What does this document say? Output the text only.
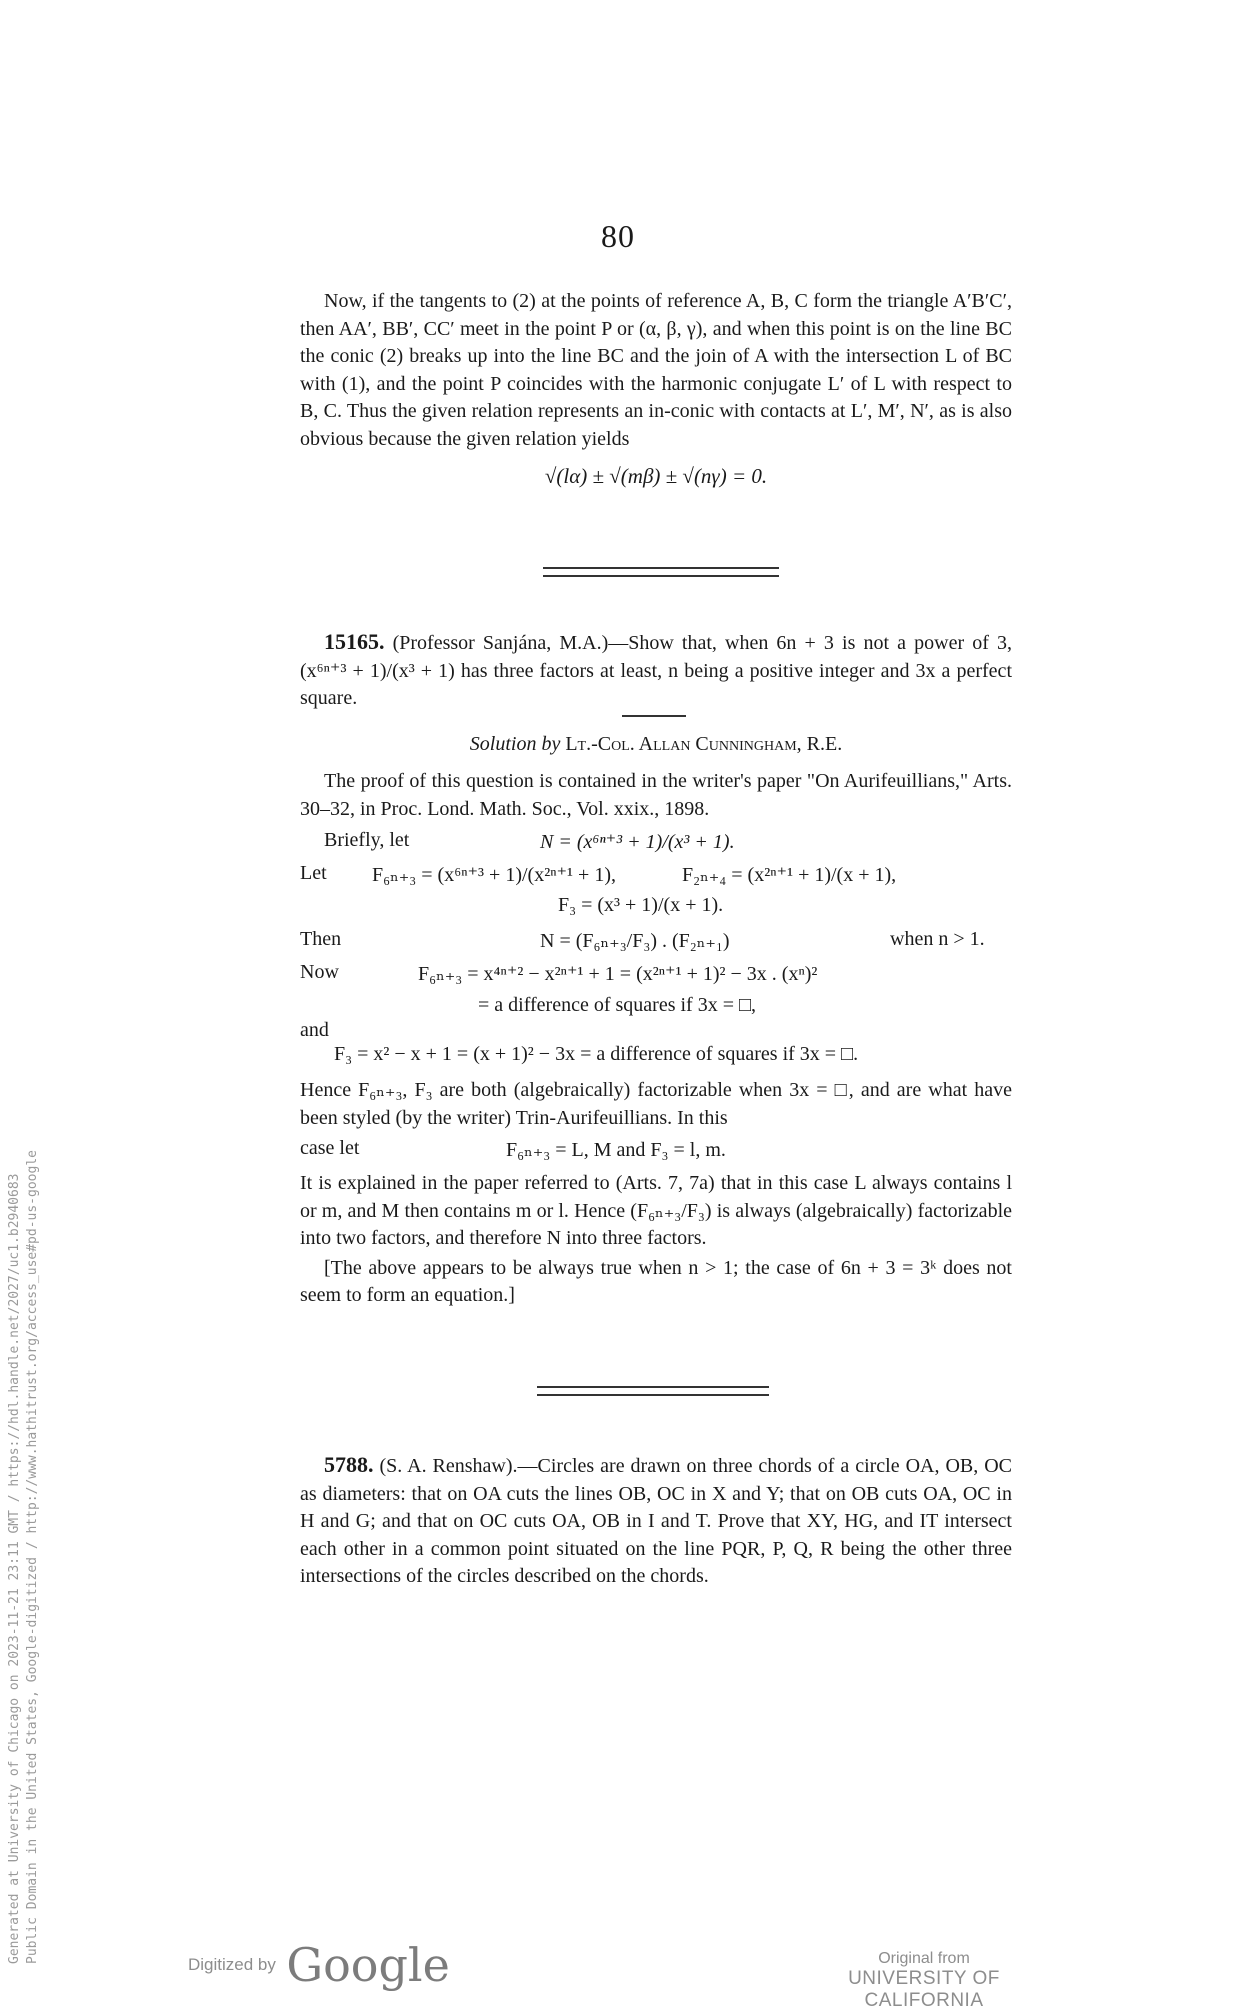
80

Now, if the tangents to (2) at the points of reference A, B, C form the triangle A′B′C′, then AA′, BB′, CC′ meet in the point P or (α, β, γ), and when this point is on the line BC the conic (2) breaks up into the line BC and the join of A with the intersection L of BC with (1), and the point P coincides with the harmonic conjugate L′ of L with respect to B, C. Thus the given relation represents an in-conic with contacts at L′, M′, N′, as is also obvious because the given relation yields

√(lα) ± √(mβ) ± √(nγ) = 0.

15165. (Professor Sanjána, M.A.)—Show that, when 6n + 3 is not a power of 3, (x⁶ⁿ⁺³ + 1)/(x³ + 1) has three factors at least, n being a positive integer and 3x a perfect square.

Solution by Lt.-Col. Allan Cunningham, R.E.

The proof of this question is contained in the writer's paper "On Aurifeuillians," Arts. 30–32, in Proc. Lond. Math. Soc., Vol. xxix., 1898.

Briefly, let	N = (x⁶ⁿ⁺³ + 1)/(x³ + 1).
Let F₆ₙ₊₃ = (x⁶ⁿ⁺³ + 1)/(x²ⁿ⁺¹ + 1),	F₂ₙ₊₄ = (x²ⁿ⁺¹ + 1)/(x + 1),
F₃ = (x³ + 1)/(x + 1).
Then	N = (F₆ₙ₊₃/F₃) . (F₂ₙ₊₁)	when n > 1.
Now	F₆ₙ₊₃ = x⁴ⁿ⁺² − x²ⁿ⁺¹ + 1 = (x²ⁿ⁺¹ + 1)² − 3x . (xⁿ)²
= a difference of squares if 3x = □,
and
F₃ = x² − x + 1 = (x + 1)² − 3x = a difference of squares if 3x = □.

Hence F₆ₙ₊₃, F₃ are both (algebraically) factorizable when 3x = □, and are what have been styled (by the writer) Trin-Aurifeuillians. In this

case let	F₆ₙ₊₃ = L, M and F₃ = l, m.

It is explained in the paper referred to (Arts. 7, 7a) that in this case L always contains l or m, and M then contains m or l. Hence (F₆ₙ₊₃/F₃) is always (algebraically) factorizable into two factors, and therefore N into three factors.

[The above appears to be always true when n > 1; the case of 6n + 3 = 3ᵏ does not seem to form an equation.]

5788. (S. A. Renshaw).—Circles are drawn on three chords of a circle OA, OB, OC as diameters: that on OA cuts the lines OB, OC in X and Y; that on OB cuts OA, OC in H and G; and that on OC cuts OA, OB in I and T. Prove that XY, HG, and IT intersect each other in a common point situated on the line PQR, P, Q, R being the other three intersections of the circles described on the chords.

Generated at University of Chicago on 2023-11-21 23:11 GMT / https://hdl.handle.net/2027/uc1.b2940683 Public Domain in the United States, Google-digitized / http://www.hathitrust.org/access_use#pd-us-google
Digitized by Google	Original from
UNIVERSITY OF CALIFORNIA
